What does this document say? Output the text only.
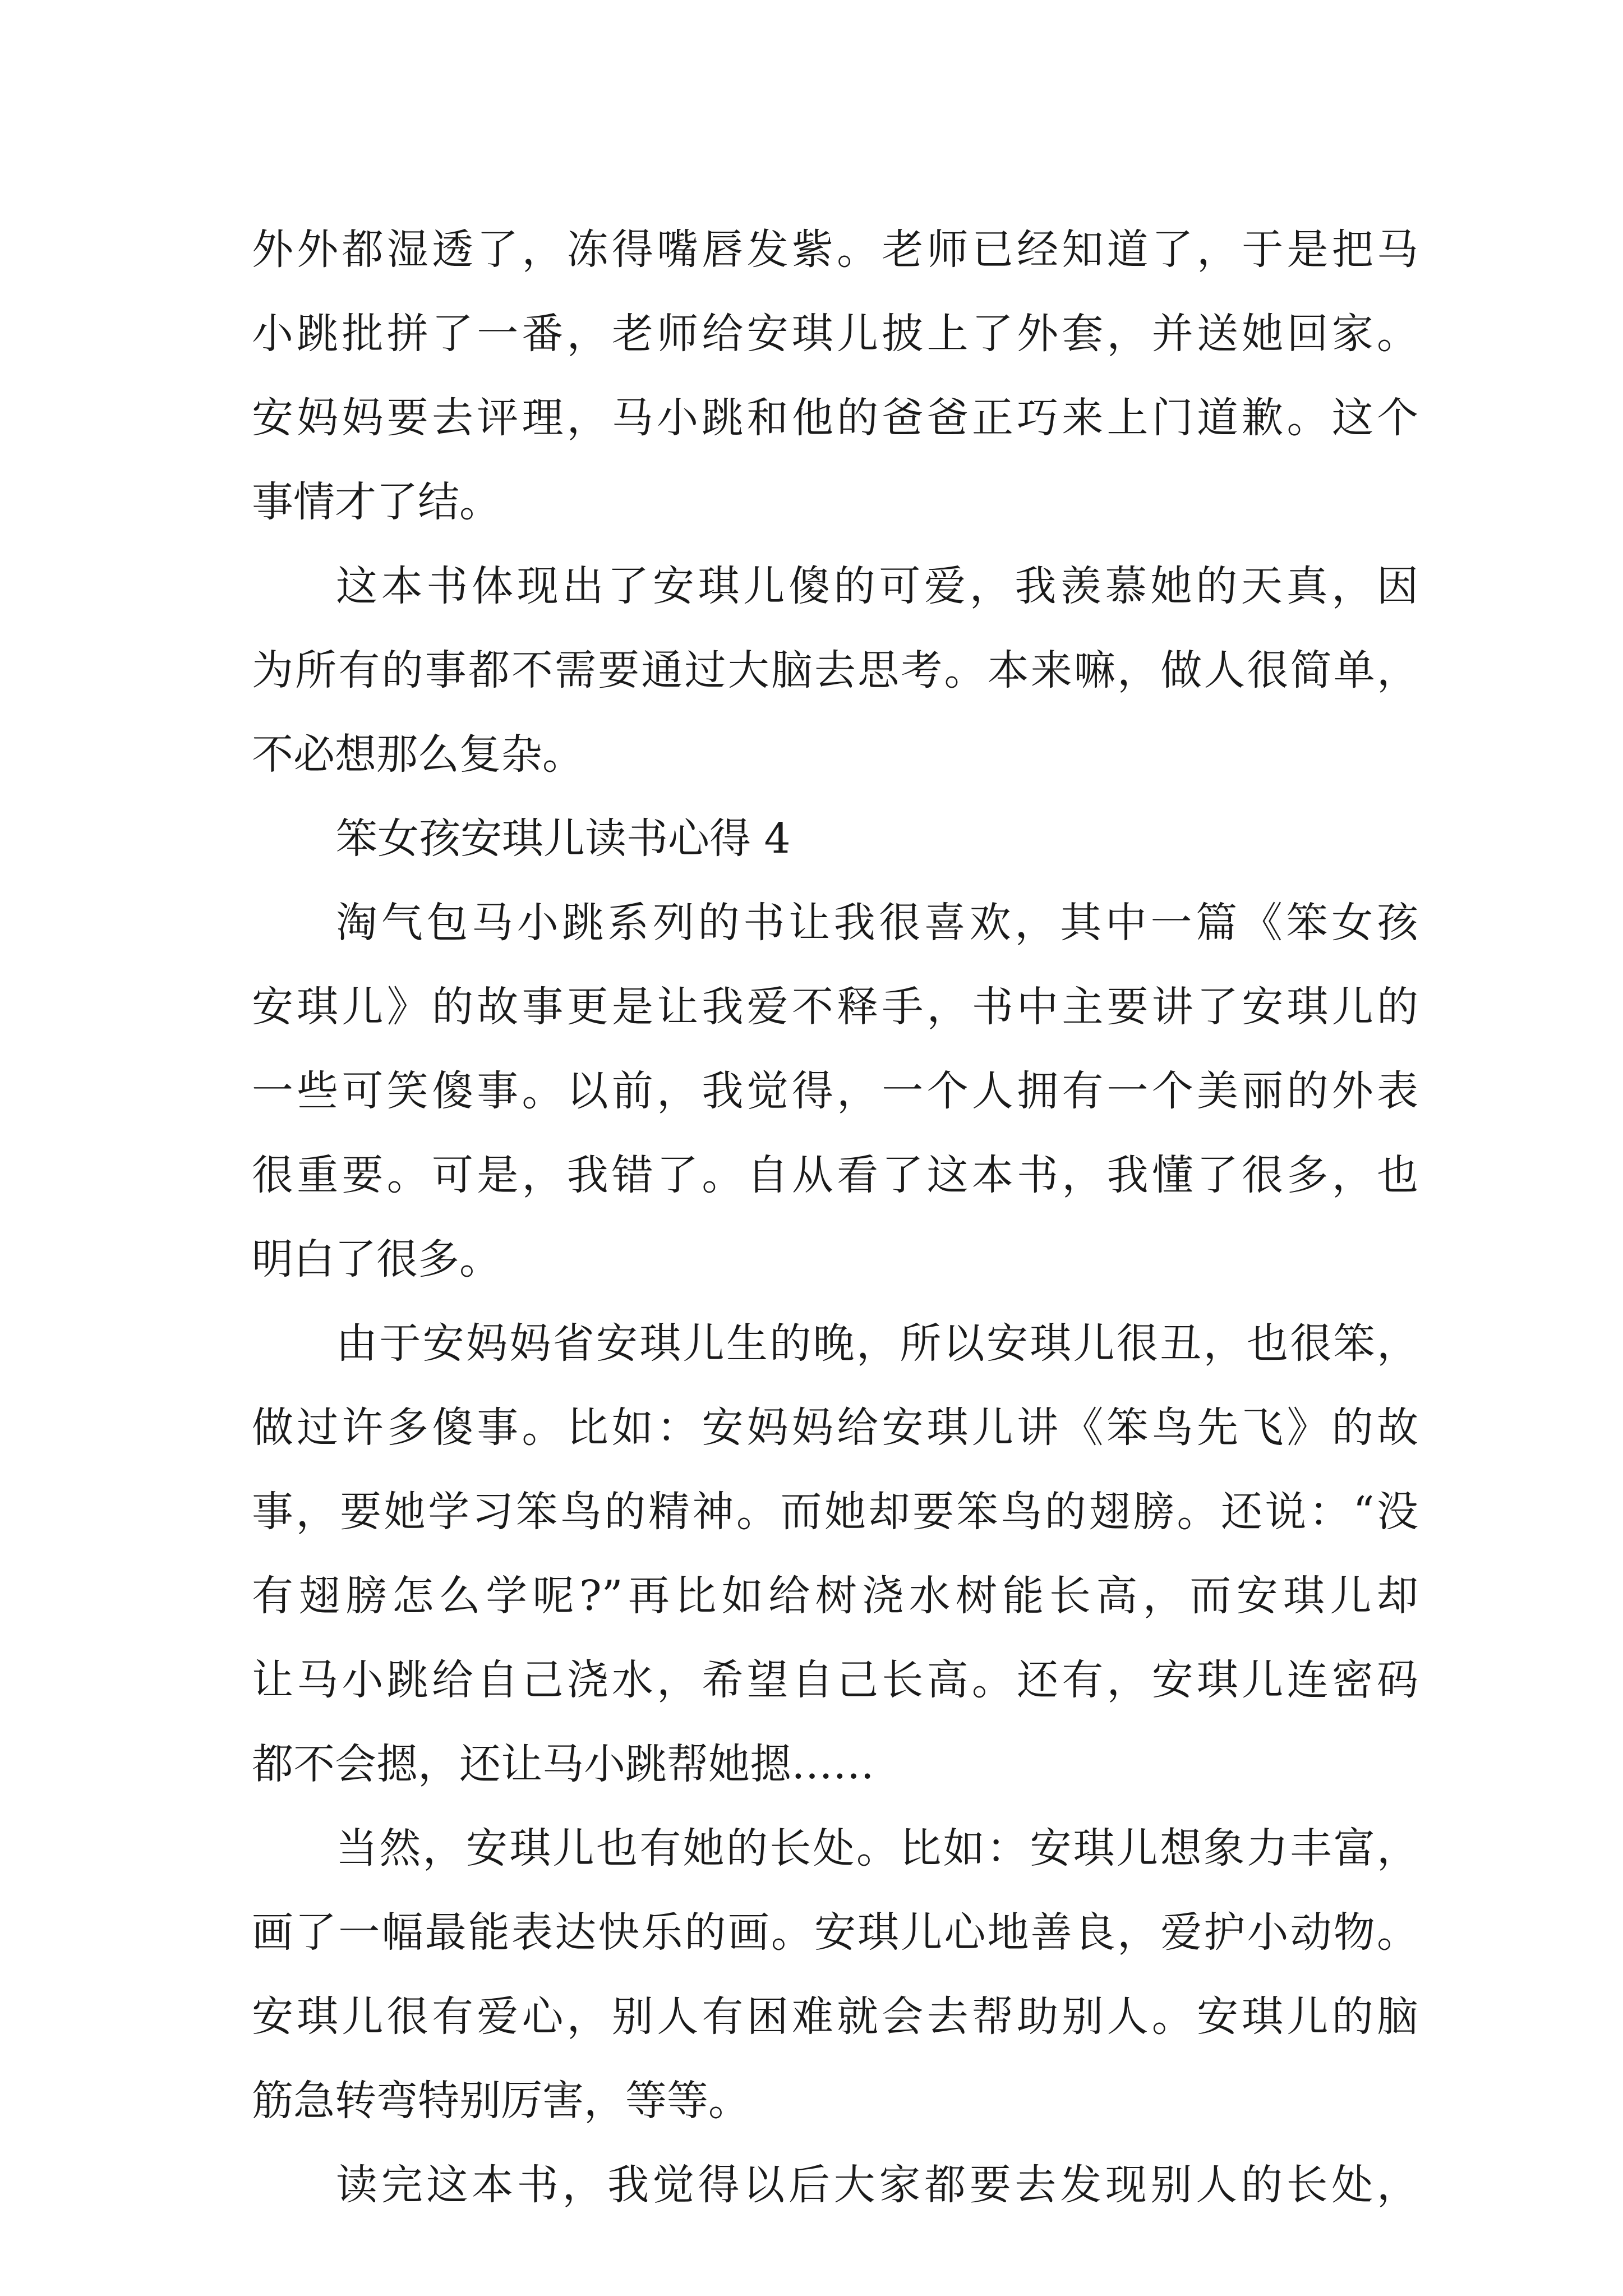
外外都湿透了，冻得嘴唇发紫。老师已经知道了，于是把马
小跳批拼了一番，老师给安琪儿披上了外套，并送她回家。
安妈妈要去评理，马小跳和他的爸爸正巧来上门道歉。这个
事情才了结。
这本书体现出了安琪儿傻的可爱，我羡慕她的天真，因
为所有的事都不需要通过大脑去思考。本来嘛，做人很简单，
不必想那么复杂。
笨女孩安琪儿读书心得 4
淘气包马小跳系列的书让我很喜欢，其中一篇《笨女孩
安琪儿》的故事更是让我爱不释手，书中主要讲了安琪儿的
一些可笑傻事。以前，我觉得，一个人拥有一个美丽的外表
很重要。可是，我错了。自从看了这本书，我懂了很多，也
明白了很多。
由于安妈妈省安琪儿生的晚，所以安琪儿很丑，也很笨，
做过许多傻事。比如：安妈妈给安琪儿讲《笨鸟先飞》的故
事，要她学习笨鸟的精神。而她却要笨鸟的翅膀。还说：“没
有翅膀怎么学呢?”再比如给树浇水树能长高，而安琪儿却
让马小跳给自己浇水，希望自己长高。还有，安琪儿连密码
都不会摁，还让马小跳帮她摁……
当然，安琪儿也有她的长处。比如：安琪儿想象力丰富，
画了一幅最能表达快乐的画。安琪儿心地善良，爱护小动物。
安琪儿很有爱心，别人有困难就会去帮助别人。安琪儿的脑
筋急转弯特别厉害，等等。
读完这本书，我觉得以后大家都要去发现别人的长处，
